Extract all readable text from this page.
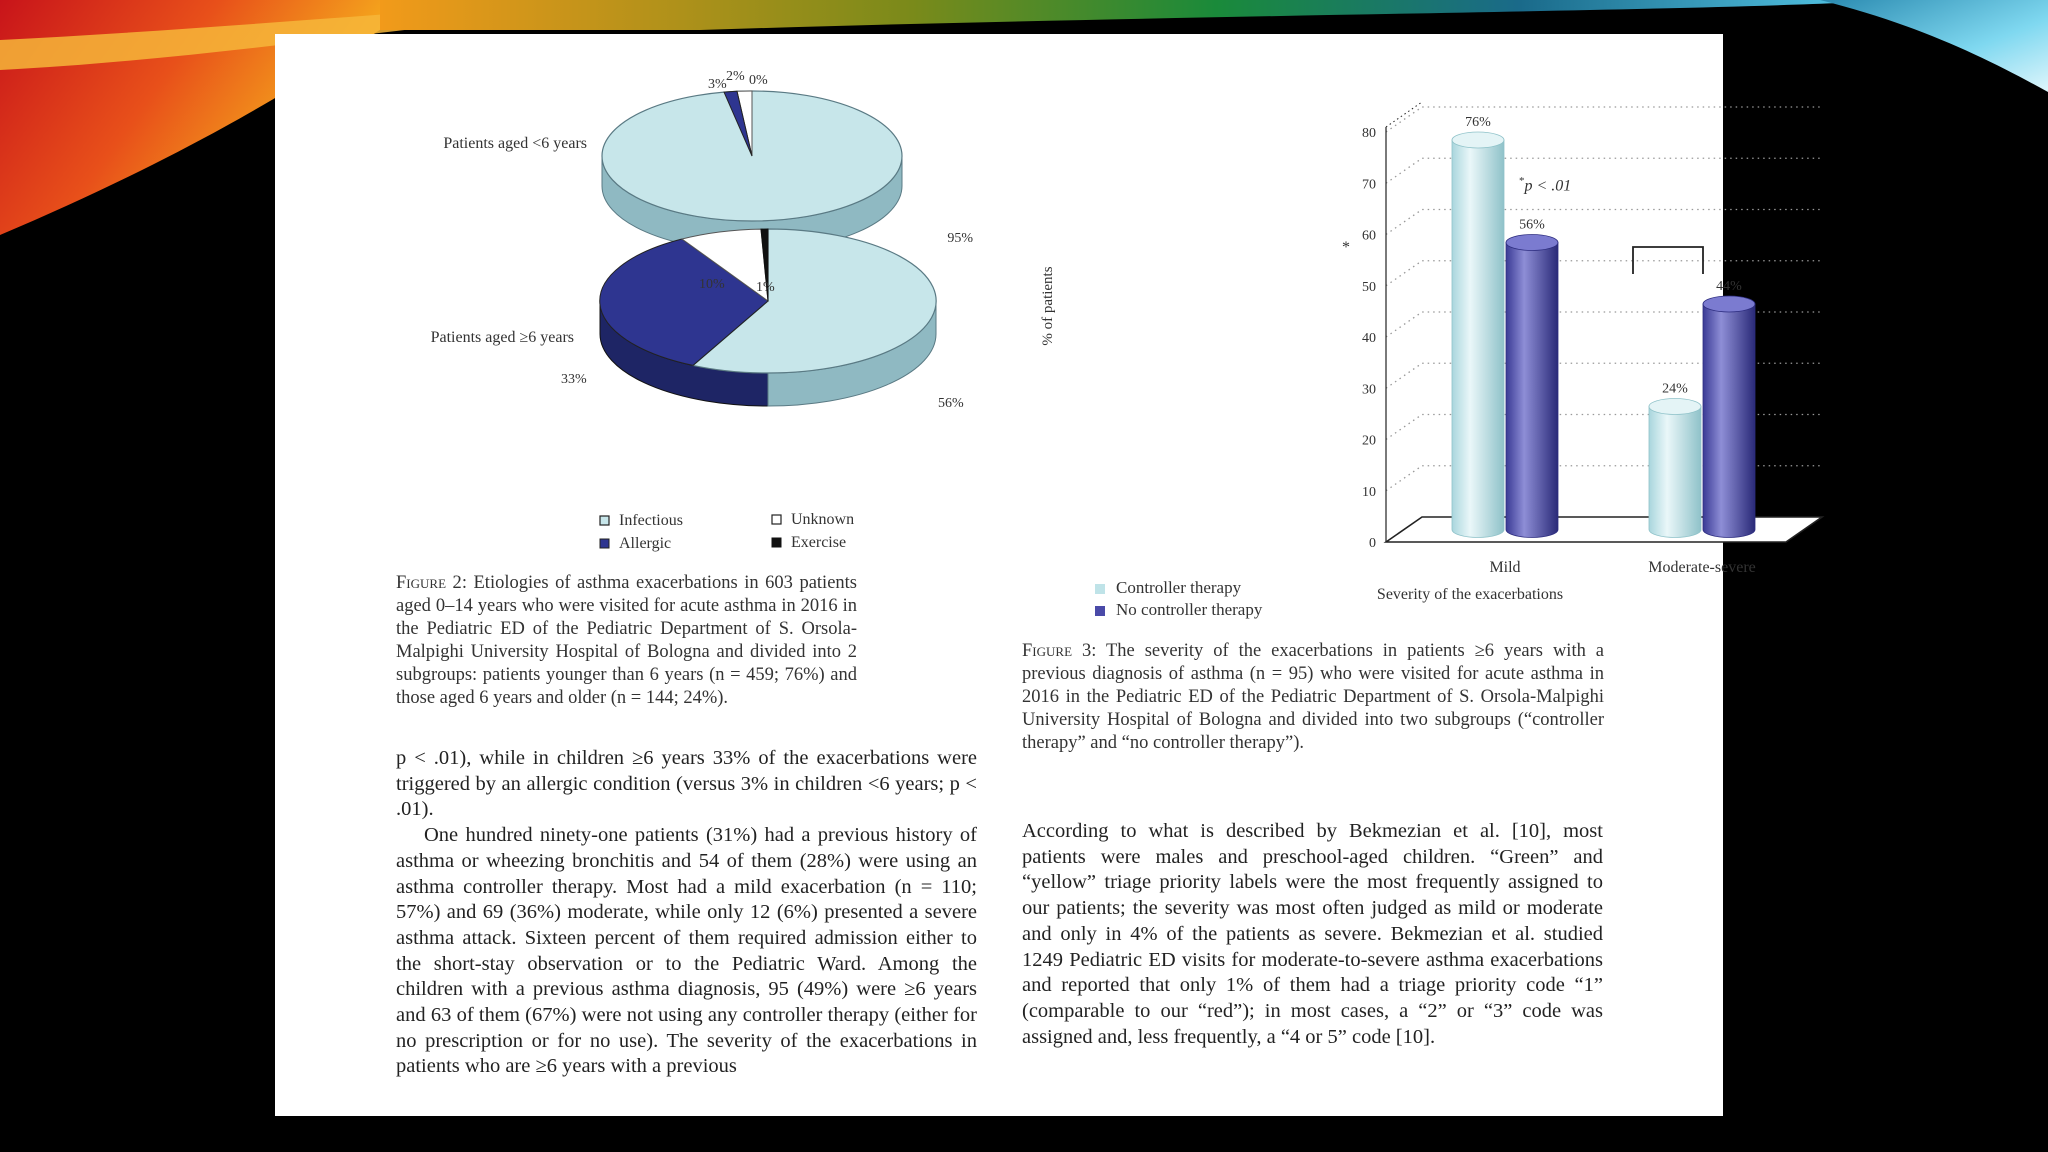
Patients aged <6 years
95%
3%
2% 0%
Patients aged ≥6 years
56%
33%
10% 1%
Infectious	Unknown
Allergic	Exercise
Figure 2: Etiologies of asthma exacerbations in 603 patients aged 0–14 years who were visited for acute asthma in 2016 in the Pediatric ED of the Pediatric Department of S. Orsola-Malpighi University Hospital of Bologna and divided into 2 subgroups: patients younger than 6 years (n = 459; 76%) and those aged 6 years and older (n = 144; 24%).
0
10
20
30
40
50
60
70
80
76%
56%
Mild
24%
44%
Moderate-severe
% of patients
Severity of the exacerbations
*
*p < .01
Controller therapy
No controller therapy
Figure 3: The severity of the exacerbations in patients ≥6 years with a previous diagnosis of asthma (n = 95) who were visited for acute asthma in 2016 in the Pediatric ED of the Pediatric Department of S. Orsola-Malpighi University Hospital of Bologna and divided into two subgroups (“controller therapy” and “no controller therapy”).

p < .01), while in children ≥6 years 33% of the exacerbations were triggered by an allergic condition (versus 3% in children <6 years; p < .01).

One hundred ninety-one patients (31%) had a previous history of asthma or wheezing bronchitis and 54 of them (28%) were using an asthma controller therapy. Most had a mild exacerbation (n = 110; 57%) and 69 (36%) moderate, while only 12 (6%) presented a severe asthma attack. Sixteen percent of them required admission either to the short-stay observation or to the Pediatric Ward. Among the children with a previous asthma diagnosis, 95 (49%) were ≥6 years and 63 of them (67%) were not using any controller therapy (either for no prescription or for no use). The severity of the exacerbations in patients who are ≥6 years with a previous

According to what is described by Bekmezian et al. [10], most patients were males and preschool-aged children. “Green” and “yellow” triage priority labels were the most frequently assigned to our patients; the severity was most often judged as mild or moderate and only in 4% of the patients as severe. Bekmezian et al. studied 1249 Pediatric ED visits for moderate-to-severe asthma exacerbations and reported that only 1% of them had a triage priority code “1” (comparable to our “red”); in most cases, a “2” or “3” code was assigned and, less frequently, a “4 or 5” code [10].
